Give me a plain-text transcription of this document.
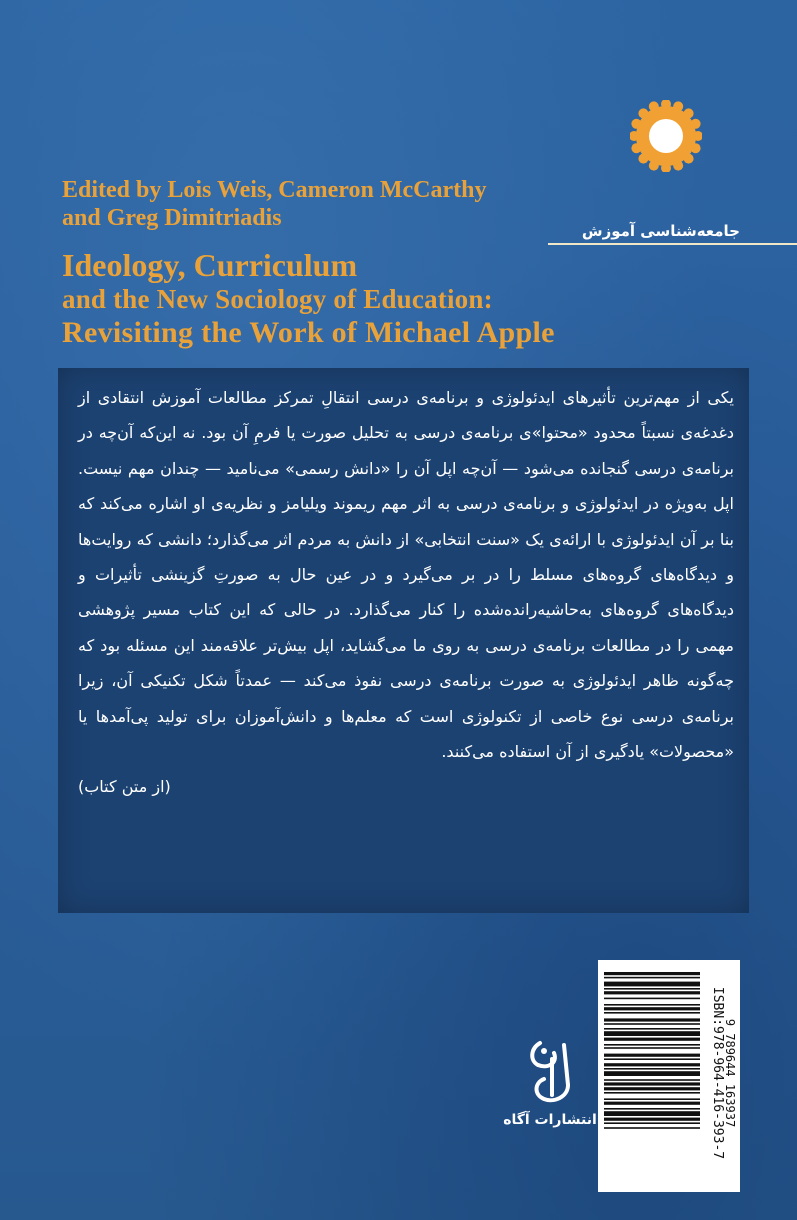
جامعه‌شناسی آموزش
Edited by Lois Weis, Cameron McCarthy
and Greg Dimitriadis
Ideology, Curriculum
and the New Sociology of Education:
Revisiting the Work of Michael Apple

یکی از مهم‌ترین تأثیرهای ایدئولوژی و برنامه‌ی درسی انتقالِ تمرکز مطالعات آموزش انتقادی از دغدغه‌ی نسبتاً محدود «محتوا»ی برنامه‌ی درسی به تحلیل صورت یا فرمِ آن بود. نه این‌که آن‌چه در برنامه‌ی درسی گنجانده می‌شود — آن‌چه اپل آن را «دانش رسمی» می‌نامید — چندان مهم نیست. اپل به‌ویژه در ایدئولوژی و برنامه‌ی درسی به اثر مهم ریموند ویلیامز و نظریه‌ی او اشاره می‌کند که بنا بر آن ایدئولوژی با ارائه‌ی یک «سنت انتخابی» از دانش به مردم اثر می‌گذارد؛ دانشی که روایت‌ها و دیدگاه‌های گروه‌های مسلط را در بر می‌گیرد و در عین حال به صورتِ گزینشی تأثیرات و دیدگاه‌های گروه‌های به‌حاشیه‌رانده‌شده را کنار می‌گذارد. در حالی که این کتاب مسیر پژوهشی مهمی را در مطالعات برنامه‌ی درسی به روی ما می‌گشاید، اپل بیش‌تر علاقه‌مند این مسئله بود که چه‌گونه ظاهر ایدئولوژی به صورت برنامه‌ی درسی نفوذ می‌کند — عمدتاً شکل تکنیکی آن، زیرا برنامه‌ی درسی نوع خاصی از تکنولوژی است که معلم‌ها و دانش‌آموزان برای تولید پی‌آمدها یا «محصولات» یادگیری از آن استفاده می‌کنند.

(از متن کتاب)
انتشارات آگاه	ISBN:978-964-416-393-7
9 789644 163937
